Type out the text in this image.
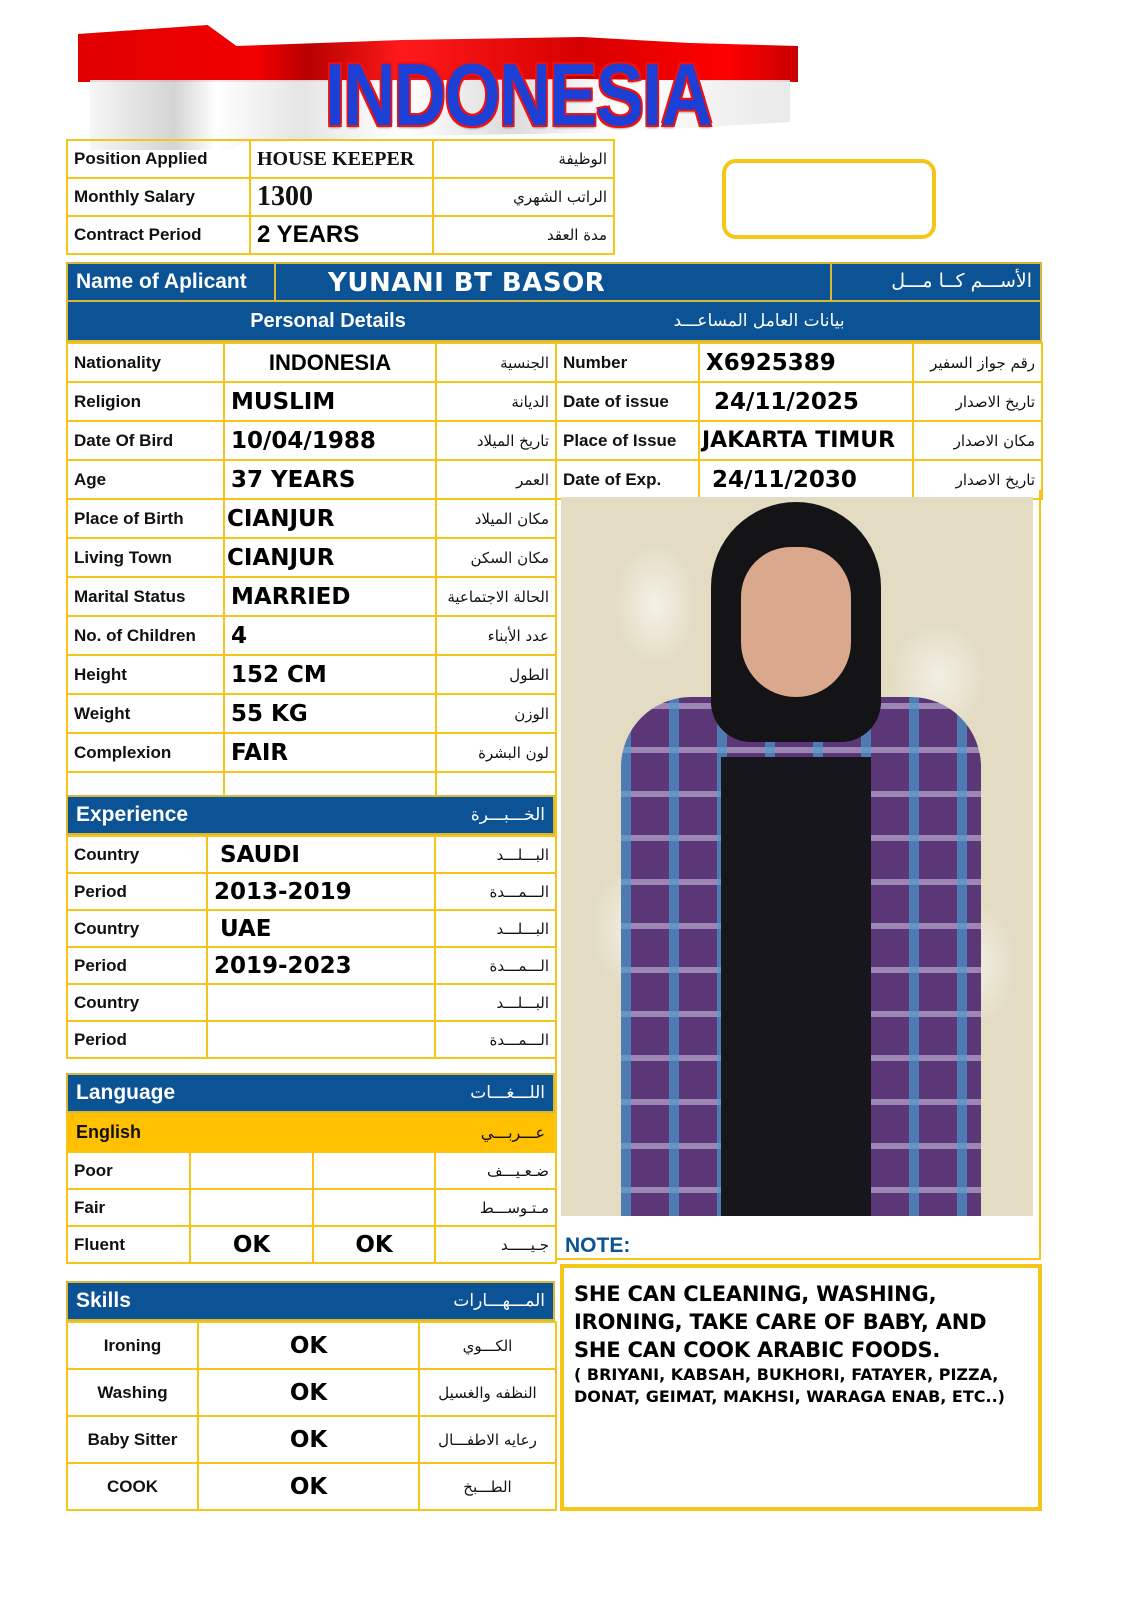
INDONESIA
Position Applied	HOUSE KEEPER	الوظيفة
Monthly Salary	1300	الراتب الشهري
Contract Period	2 YEARS	مدة العقد
Name of Aplicant	YUNANI BT BASOR	الأســـم كــا مـــل
Personal Details	بيانات العامل المساعـــد
Nationality	INDONESIA	الجنسية
Religion	MUSLIM	الديانة
Date Of Bird	10/04/1988	تاريخ الميلاد
Age	37 YEARS	العمر
Place of Birth	CIANJUR	مكان الميلاد
Living Town	CIANJUR	مكان السكن
Marital Status	MARRIED	الحالة الاجتماعية
No. of Children	4	عدد الأبناء
Height	152 CM	الطول
Weight	55 KG	الوزن
Complexion	FAIR	لون البشرة

Number	X6925389	رقم جواز السفير
Date of issue	24/11/2025	تاريخ الاصدار
Place of Issue	JAKARTA TIMUR	مكان الاصدار
Date of Exp.	24/11/2030	تاريخ الاصدار
NOTE:
SHE CAN CLEANING, WASHING, IRONING, TAKE CARE OF BABY, AND SHE CAN COOK ARABIC FOODS.
( BRIYANI, KABSAH, BUKHORI, FATAYER, PIZZA, DONAT, GEIMAT, MAKHSI, WARAGA ENAB, ETC..)
Experience	الخـــبـــرة
Country	SAUDI	البـــلـــد
Period	2013-2019	الـــمـــدة
Country	UAE	البـــلـــد
Period	2019-2023	الـــمـــدة
Country		البـــلـــد
Period		الـــمـــدة
Language	اللـــغـــات
English	عـــربـــي
Poor			ضـعـيـــف
Fair			مـتـوســـط
Fluent	OK	OK	جـيـــــد
Skills	المـــهـــارات
Ironing	OK	الكـــوي
Washing	OK	النظفه والغسيل
Baby Sitter	OK	رعايه الاطفـــال
COOK	OK	الطـــبخ
